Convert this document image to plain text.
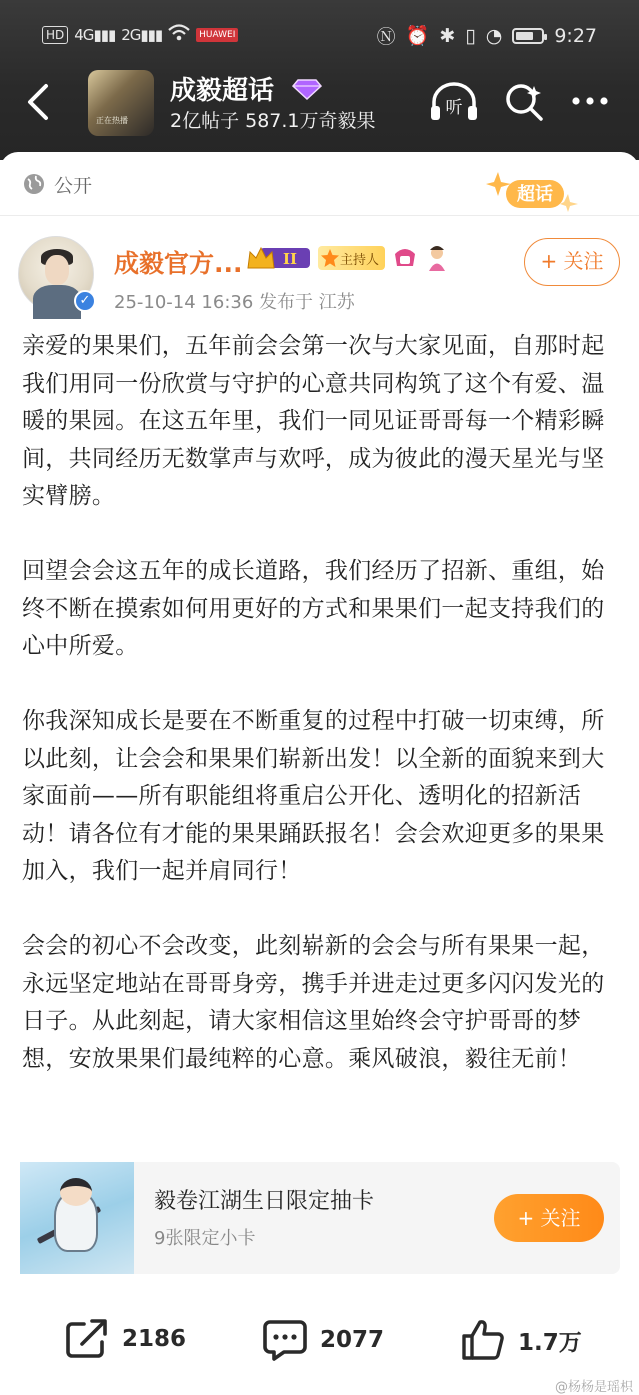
HD 4G▮▮▮ 2G▮▮▮	HUAWEI	Ⓝ ⏰ ✱ ▯ ◔	9:27
正在热播
成毅超话
2亿帖子 587.1万奇毅果
听
公开	超话
✓
成毅官方...	II	主持人
25-10-14 16:36 发布于 江苏
+ 关注

亲爱的果果们，五年前会会第一次与大家见面，自那时起我们用同一份欣赏与守护的心意共同构筑了这个有爱、温暖的果园。在这五年里，我们一同见证哥哥每一个精彩瞬间，共同经历无数掌声与欢呼，成为彼此的漫天星光与坚实臂膀。

回望会会这五年的成长道路，我们经历了招新、重组，始终不断在摸索如何用更好的方式和果果们一起支持我们的心中所爱。

你我深知成长是要在不断重复的过程中打破一切束缚，所以此刻，让会会和果果们崭新出发！以全新的面貌来到大家面前——所有职能组将重启公开化、透明化的招新活动！请各位有才能的果果踊跃报名！会会欢迎更多的果果加入，我们一起并肩同行！

会会的初心不会改变，此刻崭新的会会与所有果果一起，永远坚定地站在哥哥身旁，携手并进走过更多闪闪发光的日子。从此刻起，请大家相信这里始终会守护哥哥的梦想，安放果果们最纯粹的心意。乘风破浪，毅往无前！

毅卷江湖生日限定抽卡
9张限定小卡
+ 关注
2186	2077	1.7万
@杨杨是瑶枳
